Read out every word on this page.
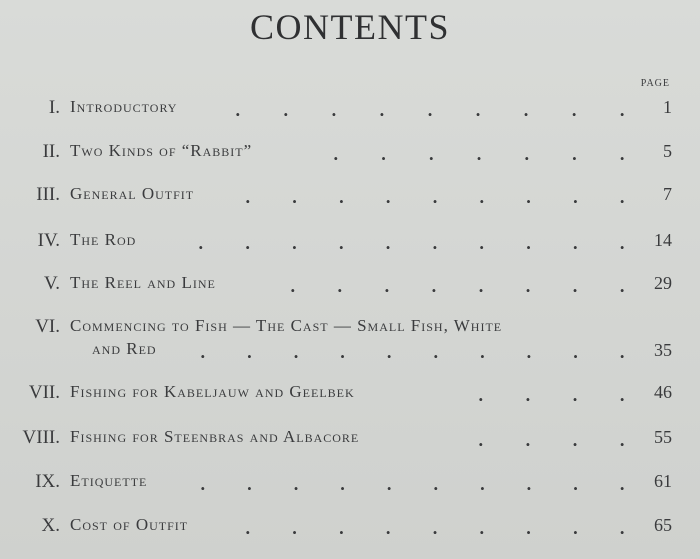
CONTENTS
PAGE
I. Introductory	.	.	.	.	.	.	.	.	.	1
II. Two Kinds of “Rabbit”	.	.	.	.	.	.	.	5
III. General Outfit	.	.	.	.	.	.	.	.	.	7
IV. The Rod	.	.	.	.	.	.	.	.	.	.	14
V. The Reel and Line	.	.	.	.	.	.	.	.	29
VI. Commencing to Fish — The Cast — Small Fish, White
and Red	.	.	.	.	.	.	.	.	.	.	35
VII. Fishing for Kabeljauw and Geelbek	.	.	.	.	46
VIII. Fishing for Steenbras and Albacore	.	.	.	.	55
IX. Etiquette	.	.	.	.	.	.	.	.	.	.	61
X. Cost of Outfit	.	.	.	.	.	.	.	.	.	65
